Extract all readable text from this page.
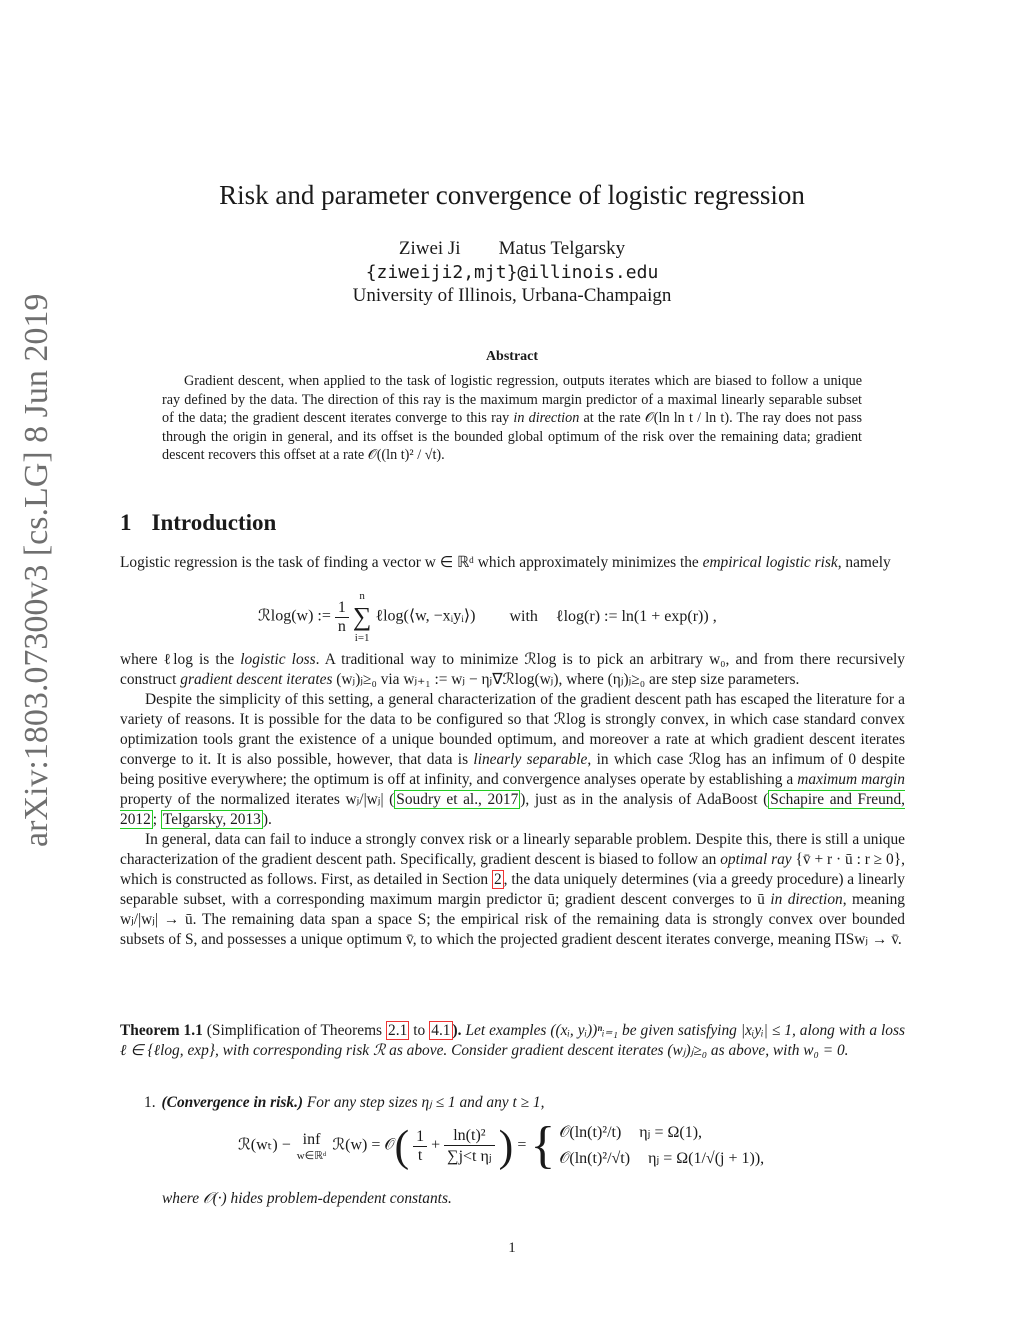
arXiv:1803.07300v3 [cs.LG] 8 Jun 2019
Risk and parameter convergence of logistic regression
Ziwei Ji Matus Telgarsky
{ziweiji2,mjt}@illinois.edu
University of Illinois, Urbana-Champaign
Abstract
Gradient descent, when applied to the task of logistic regression, outputs iterates which are biased to follow a unique ray defined by the data. The direction of this ray is the maximum margin predictor of a maximal linearly separable subset of the data; the gradient descent iterates converge to this ray in direction at the rate 𝒪(ln ln t / ln t). The ray does not pass through the origin in general, and its offset is the bounded global optimum of the risk over the remaining data; gradient descent recovers this offset at a rate 𝒪((ln t)² / √t).
1 Introduction

Logistic regression is the task of finding a vector w ∈ ℝᵈ which approximately minimizes the empirical logistic risk, namely

ℛlog(w) := $\frac{1}{n}$

n
∑
i=1
ℓlog(⟨w, −xᵢyᵢ⟩) with ℓlog(r) := ln(1 + exp(r)) ,

where ℓlog is the logistic loss. A traditional way to minimize ℛlog is to pick an arbitrary w₀, and from there recursively construct gradient descent iterates (wⱼ)ⱼ≥₀ via wⱼ₊₁ := wⱼ − ηⱼ∇ℛlog(wⱼ), where (ηⱼ)ⱼ≥₀ are step size parameters.

Despite the simplicity of this setting, a general characterization of the gradient descent path has escaped the literature for a variety of reasons. It is possible for the data to be configured so that ℛlog is strongly convex, in which case standard convex optimization tools grant the existence of a unique bounded optimum, and moreover a rate at which gradient descent iterates converge to it. It is also possible, however, that data is linearly separable, in which case ℛlog has an infimum of 0 despite being positive everywhere; the optimum is off at infinity, and convergence analyses operate by establishing a maximum margin property of the normalized iterates wⱼ/|wⱼ| ( Soudry et al., 2017 ), just as in the analysis of AdaBoost ( Schapire and Freund, 2012 ; Telgarsky, 2013 ).

In general, data can fail to induce a strongly convex risk or a linearly separable problem. Despite this, there is still a unique characterization of the gradient descent path. Specifically, gradient descent is biased to follow an optimal ray {v̄ + r · ū : r ≥ 0}, which is constructed as follows. First, as detailed in Section 2 , the data uniquely determines (via a greedy procedure) a linearly separable subset, with a corresponding maximum margin predictor ū; gradient descent converges to ū in direction, meaning wⱼ/|wⱼ| → ū. The remaining data span a space S; the empirical risk of the remaining data is strongly convex over bounded subsets of S, and possesses a unique optimum v̄, to which the projected gradient descent iterates converge, meaning ΠSwⱼ → v̄.

Theorem 1.1 (Simplification of Theorems 2.1 to 4.1 ). Let examples ((xᵢ, yᵢ))ⁿᵢ₌₁ be given satisfying |xᵢyᵢ| ≤ 1, along with a loss ℓ ∈ {ℓlog, exp}, with corresponding risk ℛ as above. Consider gradient descent iterates (wⱼ)ⱼ≥₀ as above, with w₀ = 0.
1. (Convergence in risk.) For any step sizes ηⱼ ≤ 1 and any t ≥ 1,
ℛ(wₜ) − inf
w∈ℝᵈ
ℛ(w) = 𝒪( $\frac{1}{t} + \frac{\text{ln(t)²}}{\text{∑j<t ηⱼ}}$ ) = { 𝒪(ln(t)²/t) ηⱼ = Ω(1),
𝒪(ln(t)²/√t) ηⱼ = Ω(1/√(j + 1)),
where 𝒪(·) hides problem-dependent constants.
1
